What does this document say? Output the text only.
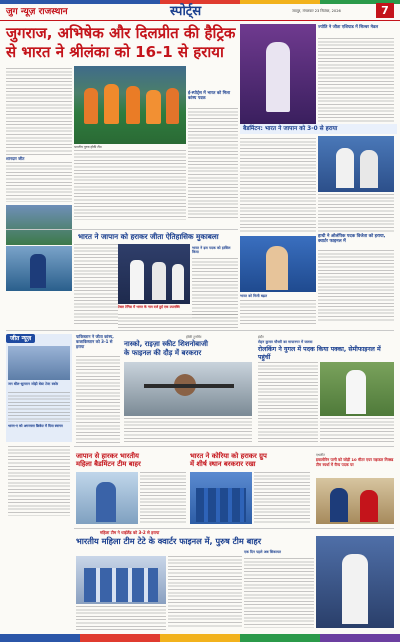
जुग न्यूज़ राजस्थान	स्पोर्ट्स	जयपुर, मंगलवार 23 सितंबर, 2026	7
जुगराज, अभिषेक और दिलप्रीत की हैट्रिक
से भारत ने श्रीलंका को 16-1 से हराया
शानदार जीत
भारतीय पुरुष हॉकी टीम
ई-स्पोर्ट्स में भारत को मिला कांस्य पदक
भारत ने जापान को हराकर जीता ऐतिहासिक मुकाबला
भारत ने इस पदक को हासिल किया
टेबल टेनिस में भारत के नाम दर्ज हुई एक उपलब्धि
ज्योति ने जीता एशियाड में सिल्वर मेडल
बैडमिंटन: भारत ने जापान को 3-0 से हराया
हाथी ने ओलंपिक पदक विजेता को हराया, क्वार्टर फाइनल में
भारत को मिली बढ़त
जीत न्यूज़
जन बौल-सुल्तान जोड़ी बेस्ट टेस्ट स्कोर
भारत-ए को अगरतला क्रिकेट में दिया स्वागत
पाकिस्तान ने जीता कांस्य, कजाकिस्तान को 3-1 से हराया
हॉकी टूर्नामेंट
नास्को, राइज़ा स्कीट शिशनोबाजी
के फाइनल की दौड़ में बरकरार
इंदौर
रोहन कुमार चौधरी का मायानगर में जलवा
रोलकिंग ने युगल में पदक किया पक्का, सेमीफाइनल में पहुंचीं
जापान से हारकर भारतीय
महिला बैडमिंटन टीम बाहर
भारत ने कोरिया को हराकर ग्रुप
में शीर्ष स्थान बरकरार रखा
एथलीट
इवालोरिन पानी को जोड़ी 10 मीटर एयर राइफल मिक्स्ड टीम स्पर्धा में रौप्य पदक पर
महिला टीम ने थाईलैंड को 3-2 से हराया
भारतीय महिला टीम टेटे के क्वार्टर फाइनल में, पुरुष टीम बाहर
एक दिन पहले अब सिकायत
